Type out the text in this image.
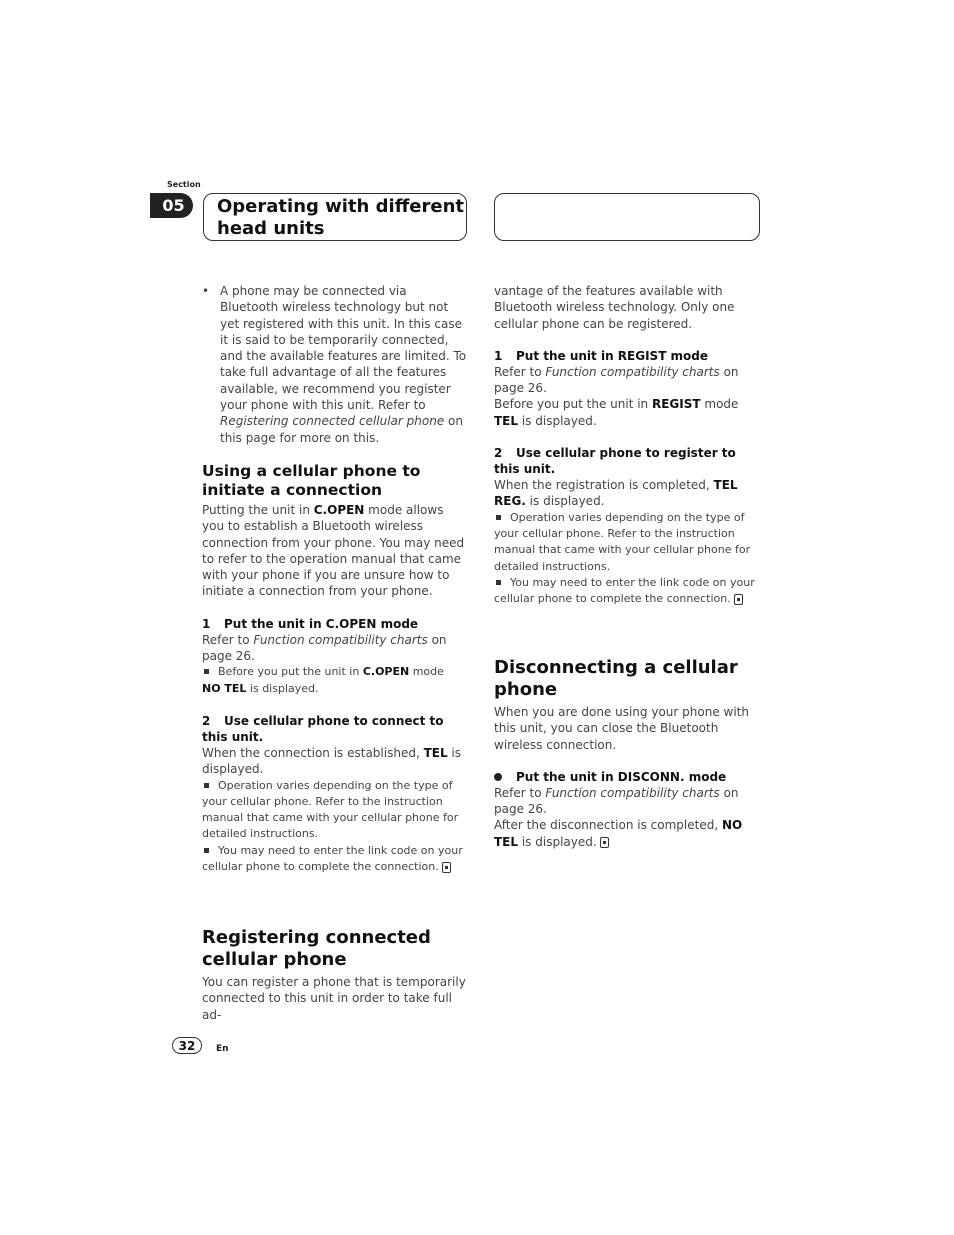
Section
05	Operating with different head units
• A phone may be connected via Bluetooth wireless technology but not yet registered with this unit. In this case it is said to be temporarily connected, and the available features are limited. To take full advantage of all the features available, we recommend you register your phone with this unit. Refer to Registering connected cellular phone on this page for more on this.

Using a cellular phone to initiate a connection

Putting the unit in C.OPEN mode allows you to establish a Bluetooth wireless connection from your phone. You may need to refer to the operation manual that came with your phone if you are unsure how to initiate a connection from your phone.

1 Put the unit in C.OPEN mode

Refer to Function compatibility charts on page 26.

Before you put the unit in C.OPEN mode
NO TEL is displayed.

2 Use cellular phone to connect to this unit.

When the connection is established, TEL is displayed.

Operation varies depending on the type of your cellular phone. Refer to the instruction manual that came with your cellular phone for detailed instructions.

You may need to enter the link code on your cellular phone to complete the connection.

Registering connected cellular phone

You can register a phone that is temporarily connected to this unit in order to take full ad-

vantage of the features available with Bluetooth wireless technology. Only one cellular phone can be registered.

1 Put the unit in REGIST mode

Refer to Function compatibility charts on page 26.

Before you put the unit in REGIST mode TEL is displayed.

2 Use cellular phone to register to this unit.

When the registration is completed, TEL REG. is displayed.

Operation varies depending on the type of your cellular phone. Refer to the instruction manual that came with your cellular phone for detailed instructions.

You may need to enter the link code on your cellular phone to complete the connection.

Disconnecting a cellular phone

When you are done using your phone with this unit, you can close the Bluetooth wireless connection.

Put the unit in DISCONN. mode

Refer to Function compatibility charts on page 26.

After the disconnection is completed, NO TEL is displayed.

32	En
